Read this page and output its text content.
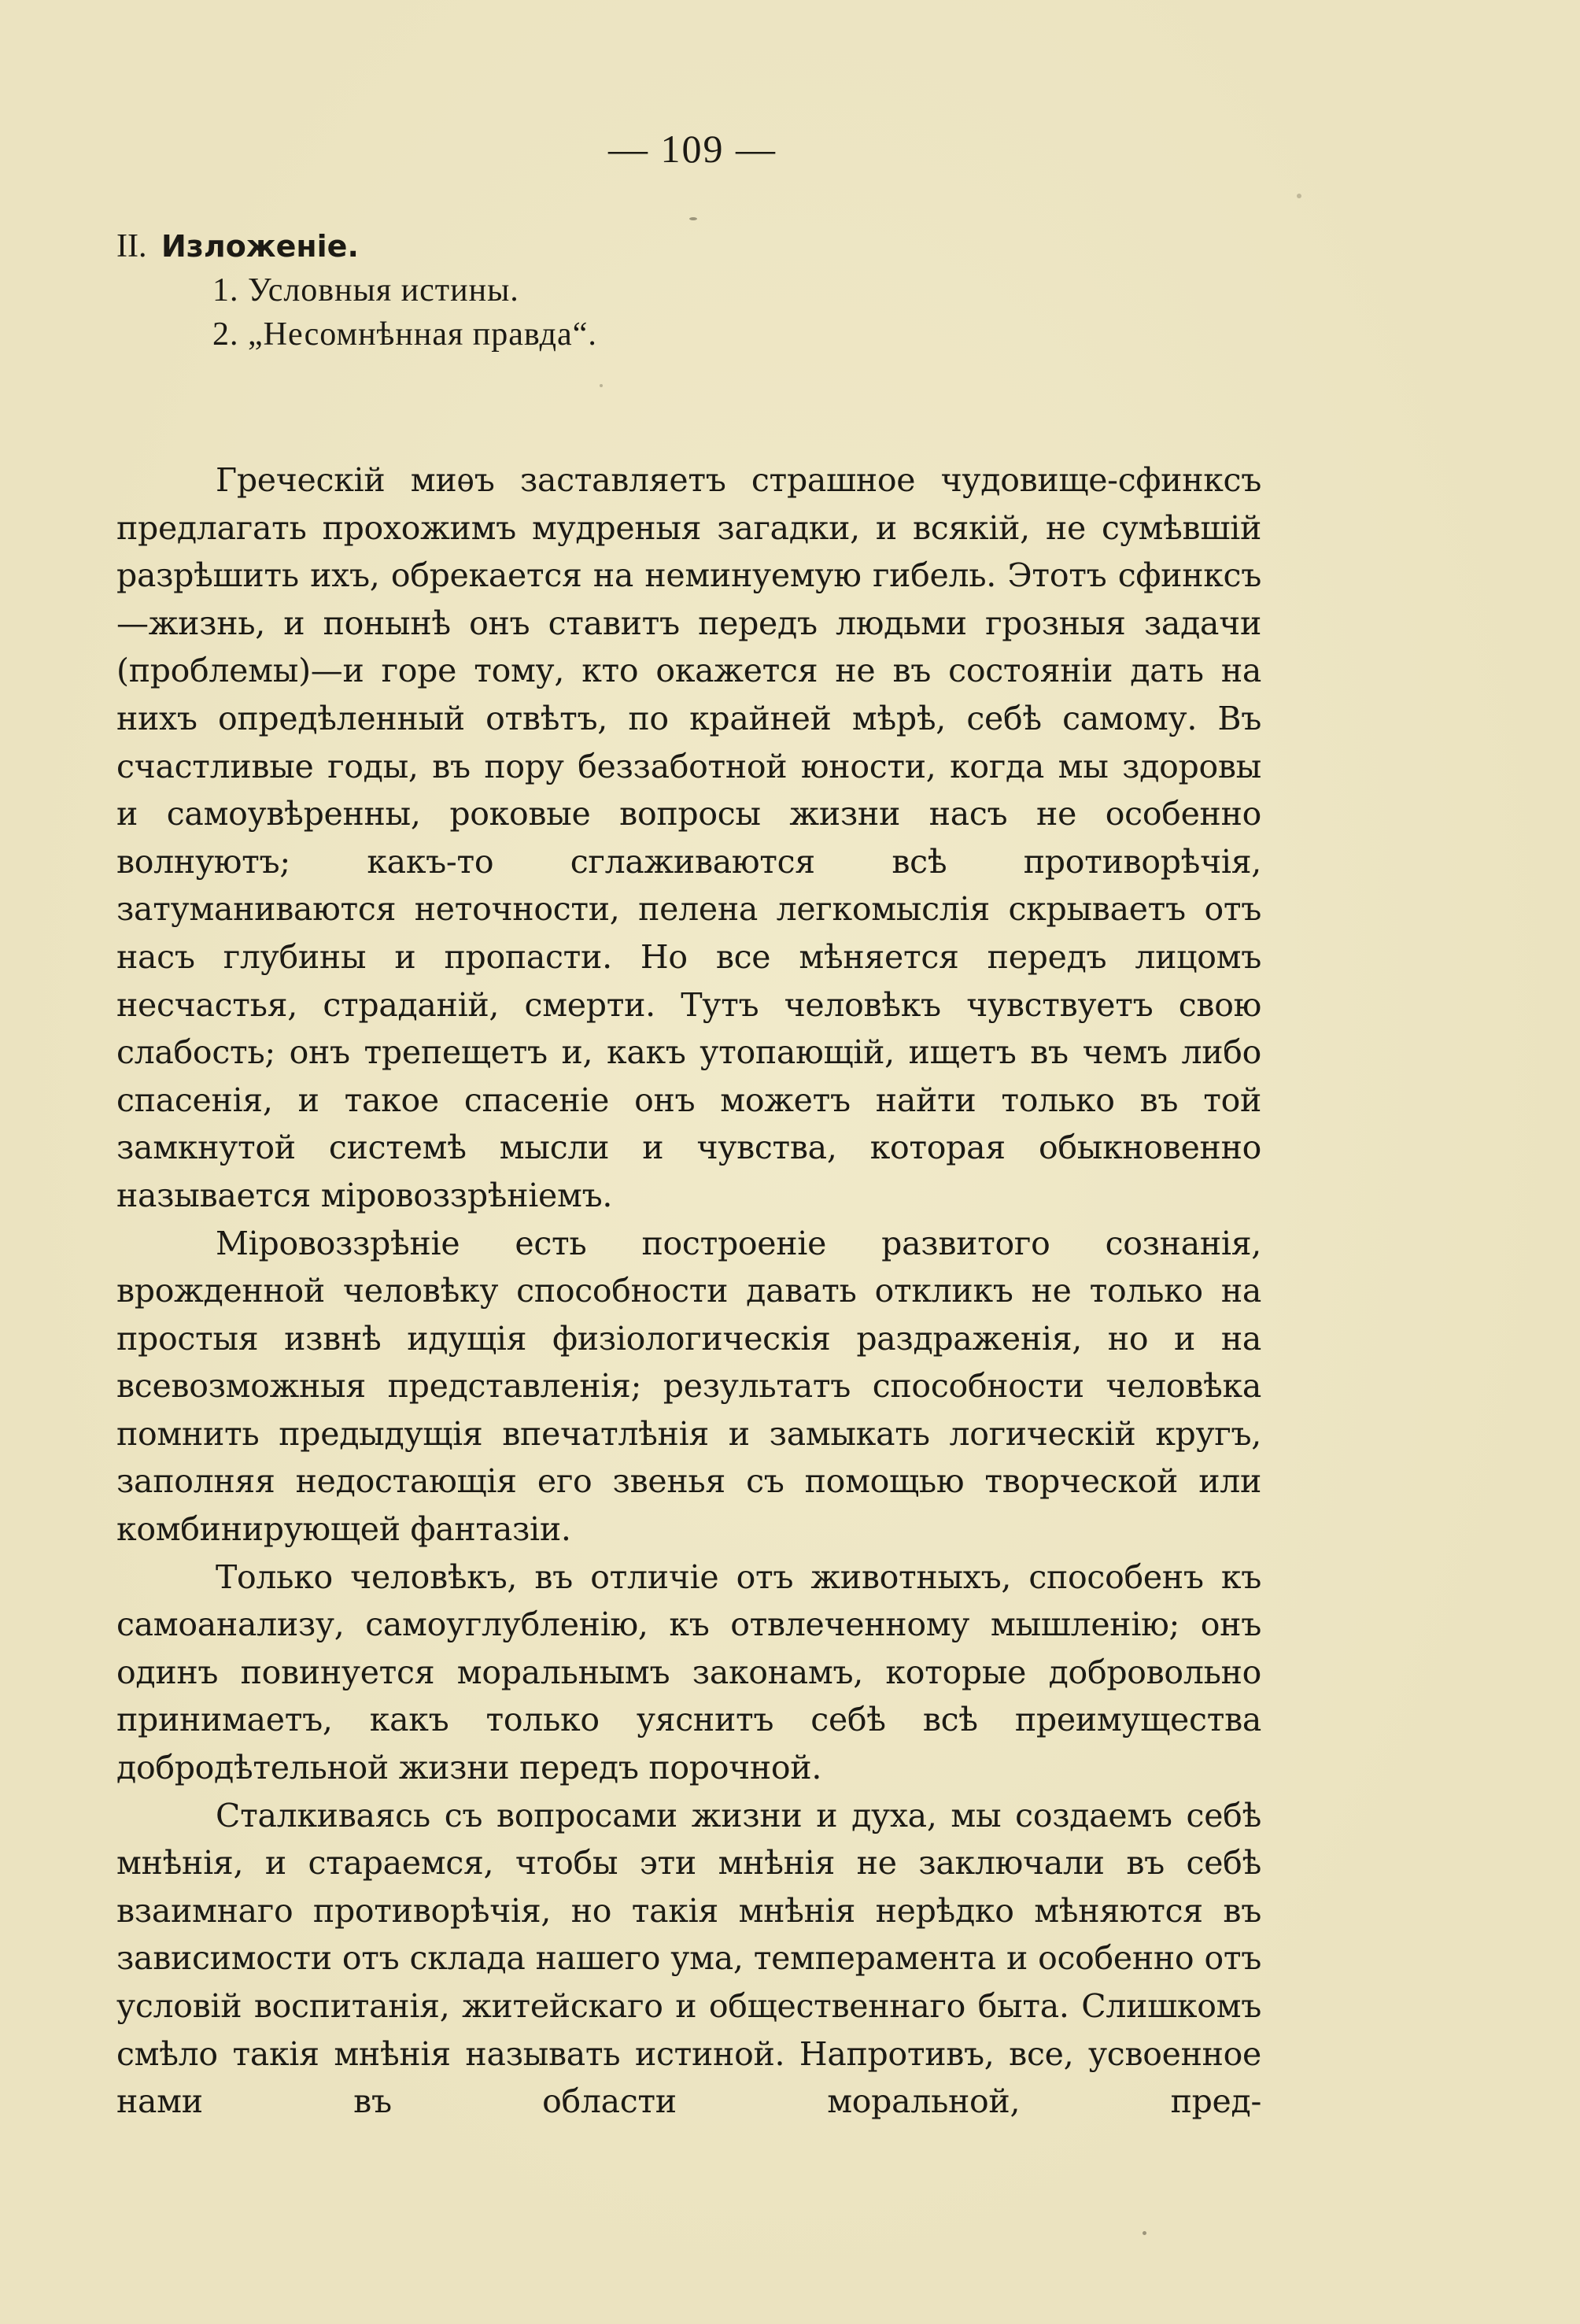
— 109 —
II. Изложенiе.
1. Условныя истины.
2. „Несомнѣнная правда“.

Греческiй миѳъ заставляетъ страшное чудовище-сфинксъ предлагать прохожимъ мудреныя загадки, и всякiй, не сумѣвшiй разрѣшить ихъ, обрекается на неминуемую гибель. Этотъ сфинксъ—жизнь, и понынѣ онъ ставитъ передъ людьми грозныя задачи (проблемы)—и горе тому, кто окажется не въ состоянiи дать на нихъ опредѣленный отвѣтъ, по крайней мѣрѣ, себѣ самому. Въ счастливые годы, въ пору беззаботной юности, когда мы здоровы и самоувѣренны, роковые вопросы жизни насъ не особенно волнуютъ; какъ-то сглаживаются всѣ противорѣчiя, затуманиваются неточности, пелена легкомыслiя скрываетъ отъ насъ глубины и пропасти. Но все мѣняется передъ лицомъ несчастья, страданiй, смерти. Тутъ человѣкъ чувствуетъ свою слабость; онъ трепещетъ и, какъ утопающiй, ищетъ въ чемъ либо спасенiя, и такое спасенiе онъ можетъ найти только въ той замкнутой системѣ мысли и чувства, которая обыкновенно называется мiровоззрѣнiемъ.

Мiровоззрѣнiе есть построенiе развитого сознанiя, врожденной человѣку способности давать откликъ не только на простыя извнѣ идущiя физiологическiя раздраженiя, но и на всевозможныя представленiя; результатъ способности человѣка помнить предыдущiя впечатлѣнiя и замыкать логическiй кругъ, заполняя недостающiя его звенья съ помощью творческой или комбинирующей фантазiи.

Только человѣкъ, въ отличiе отъ животныхъ, способенъ къ самоанализу, самоуглубленiю, къ отвлеченному мышленiю; онъ одинъ повинуется моральнымъ законамъ, которые добровольно принимаетъ, какъ только уяснитъ себѣ всѣ преимущества добродѣтельной жизни передъ порочной.

Сталкиваясь съ вопросами жизни и духа, мы создаемъ себѣ мнѣнiя, и стараемся, чтобы эти мнѣнiя не заключали въ себѣ взаимнаго противорѣчiя, но такiя мнѣнiя нерѣдко мѣняются въ зависимости отъ склада нашего ума, темперамента и особенно отъ условiй воспитанiя, житейскаго и общественнаго быта. Слишкомъ смѣло такiя мнѣнiя называть истиной. Напротивъ, все, усвоенное нами въ области моральной, пред-
